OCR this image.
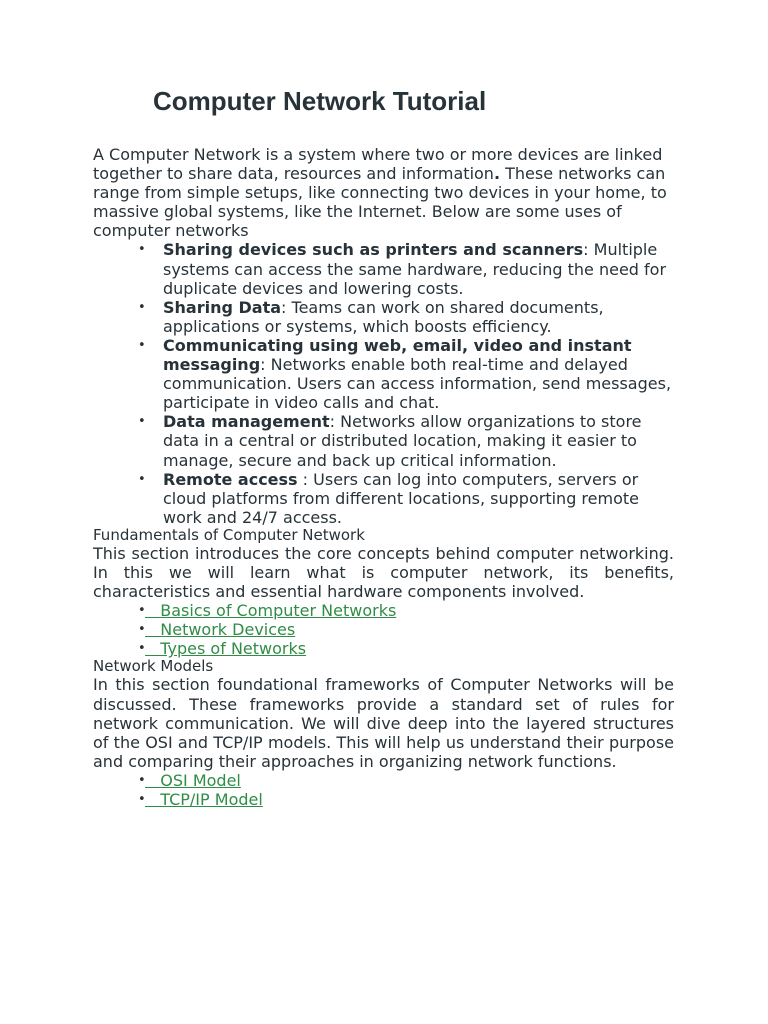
Computer Network Tutorial

A Computer Network is a system where two or more devices are linked together to share data, resources and information. These networks can range from simple setups, like connecting two devices in your home, to massive global systems, like the Internet. Below are some uses of computer networks

• Sharing devices such as printers and scanners: Multiple systems can access the same hardware, reducing the need for duplicate devices and lowering costs.
• Sharing Data: Teams can work on shared documents, applications or systems, which boosts efficiency.
• Communicating using web, email, video and instant messaging: Networks enable both real-time and delayed communication. Users can access information, send messages, participate in video calls and chat.
• Data management: Networks allow organizations to store data in a central or distributed location, making it easier to manage, secure and back up critical information.
• Remote access : Users can log into computers, servers or cloud platforms from different locations, supporting remote work and 24/7 access.

Fundamentals of Computer Network

This section introduces the core concepts behind computer networking. In this we will learn what is computer network, its benefits, characteristics and essential hardware components involved.

•    Basics of Computer Networks
•    Network Devices
•    Types of Networks

Network Models

In this section foundational frameworks of Computer Networks will be discussed. These frameworks provide a standard set of rules for network communication. We will dive deep into the layered structures of the OSI and TCP/IP models. This will help us understand their purpose and comparing their approaches in organizing network functions.

•    OSI Model
•    TCP/IP Model
